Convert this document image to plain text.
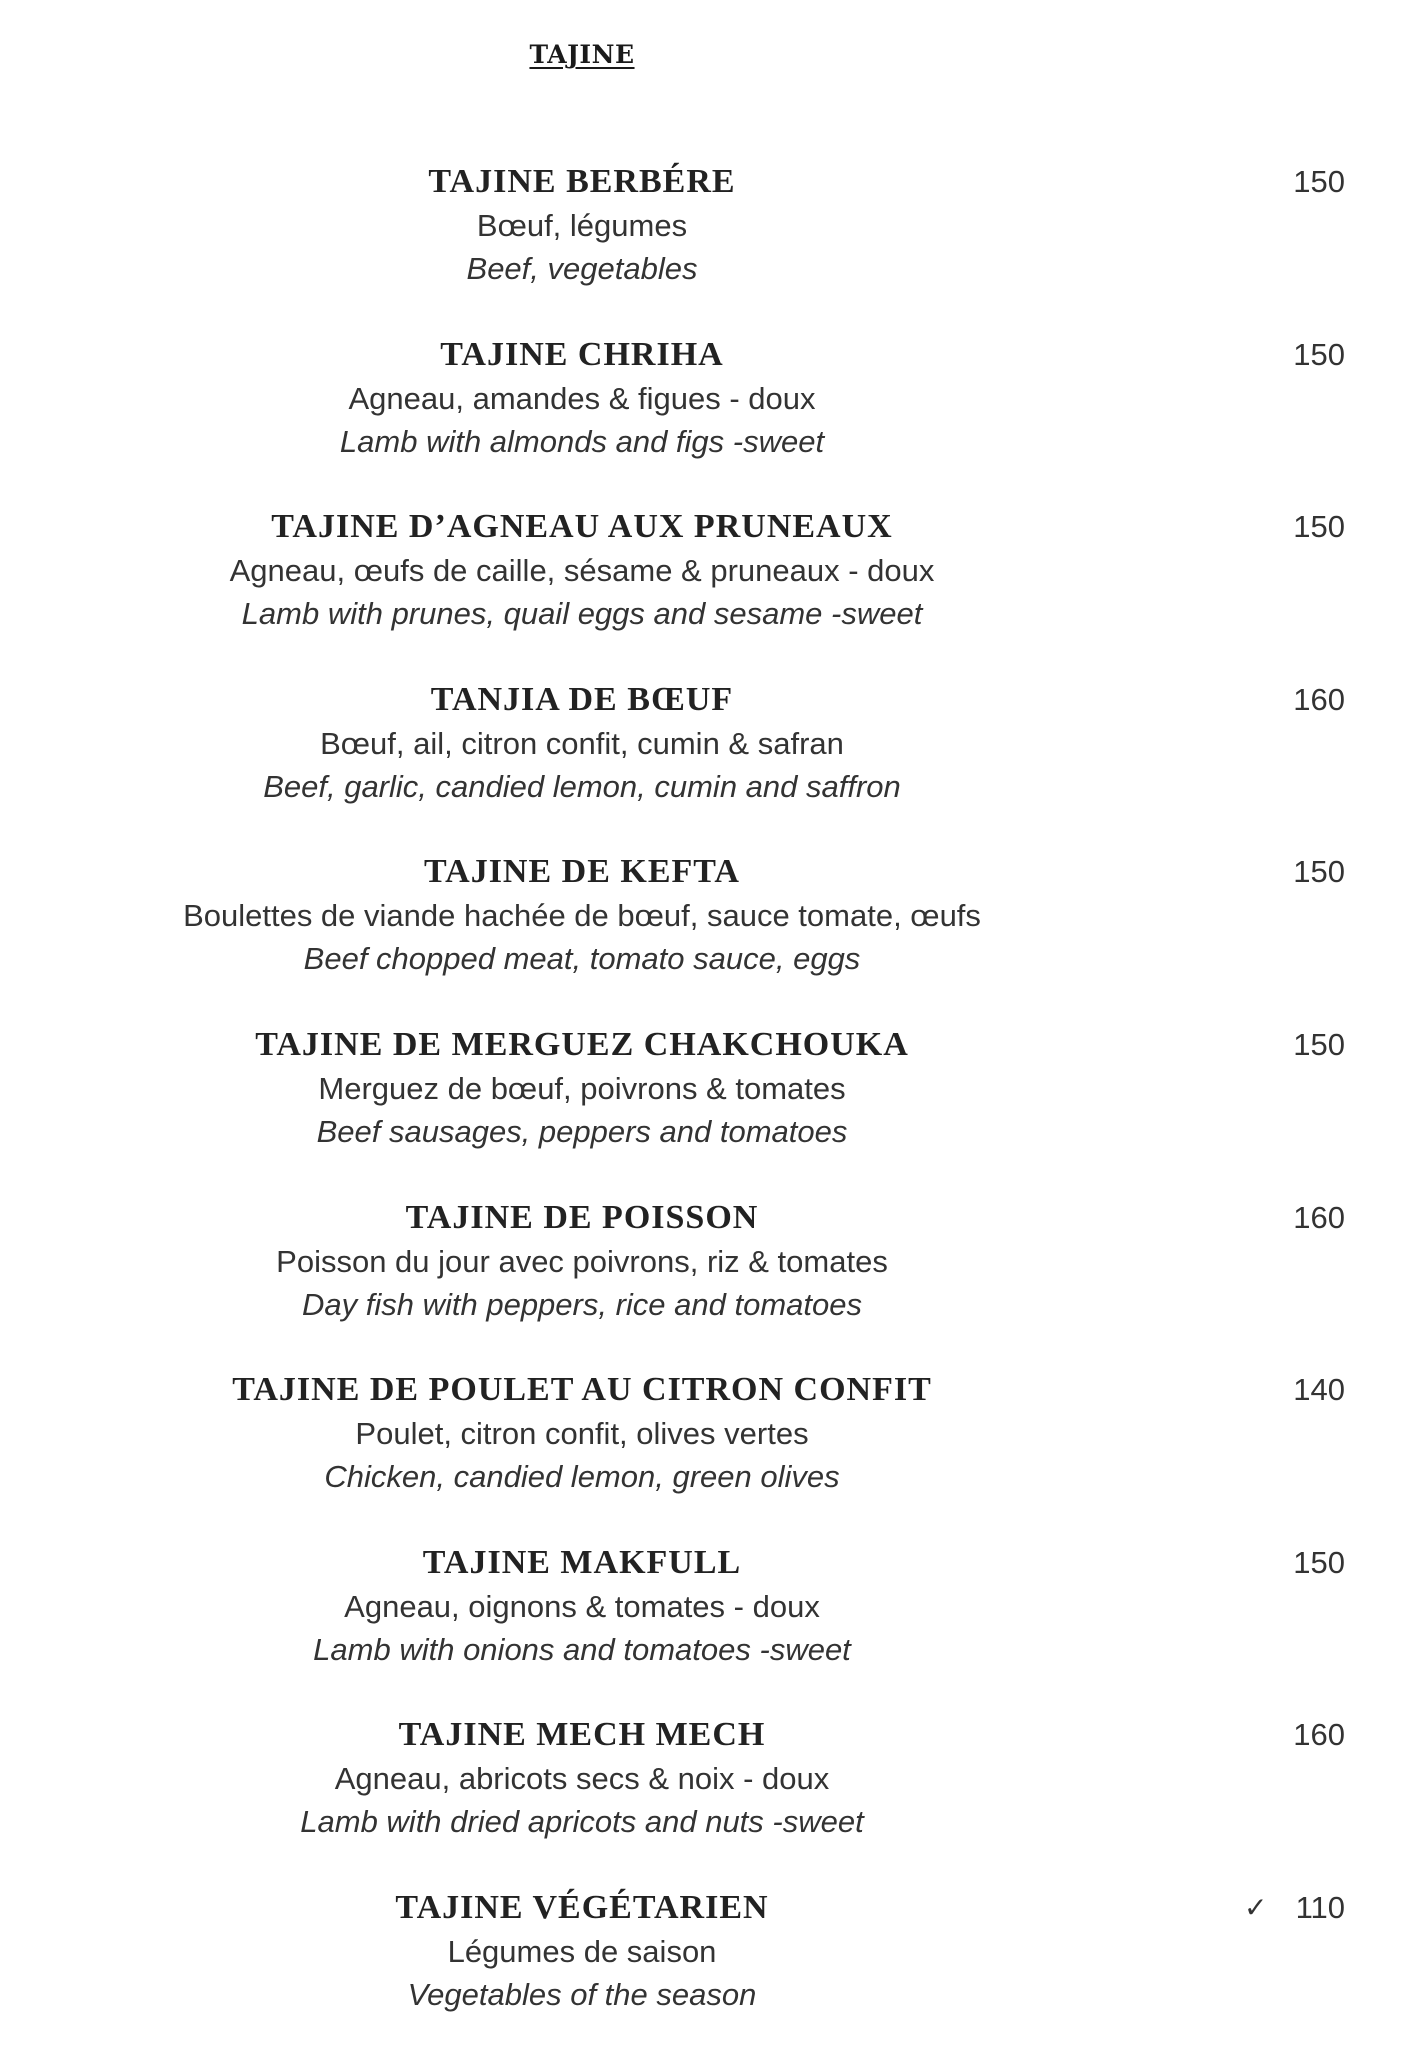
TAJINE
TAJINE BERBÉRE
Bœuf, légumes
Beef, vegetables
150
TAJINE CHRIHA
Agneau, amandes & figues - doux
Lamb with almonds and figs -sweet
150
TAJINE D’AGNEAU AUX PRUNEAUX
Agneau, œufs de caille, sésame & pruneaux - doux
Lamb with prunes, quail eggs and sesame -sweet
150
TANJIA DE BŒUF
Bœuf, ail, citron confit, cumin & safran
Beef, garlic, candied lemon, cumin and saffron
160
TAJINE DE KEFTA
Boulettes de viande hachée de bœuf, sauce tomate, œufs
Beef chopped meat, tomato sauce, eggs
150
TAJINE DE MERGUEZ CHAKCHOUKA
Merguez de bœuf, poivrons & tomates
Beef sausages, peppers and tomatoes
150
TAJINE DE POISSON
Poisson du jour avec poivrons, riz & tomates
Day fish with peppers, rice and tomatoes
160
TAJINE DE POULET AU CITRON CONFIT
Poulet, citron confit, olives vertes
Chicken, candied lemon, green olives
140
TAJINE MAKFULL
Agneau, oignons & tomates - doux
Lamb with onions and tomatoes -sweet
150
TAJINE MECH MECH
Agneau, abricots secs & noix - doux
Lamb with dried apricots and nuts -sweet
160
TAJINE VÉGÉTARIEN
Légumes de saison
Vegetables of the season
✓ 110
